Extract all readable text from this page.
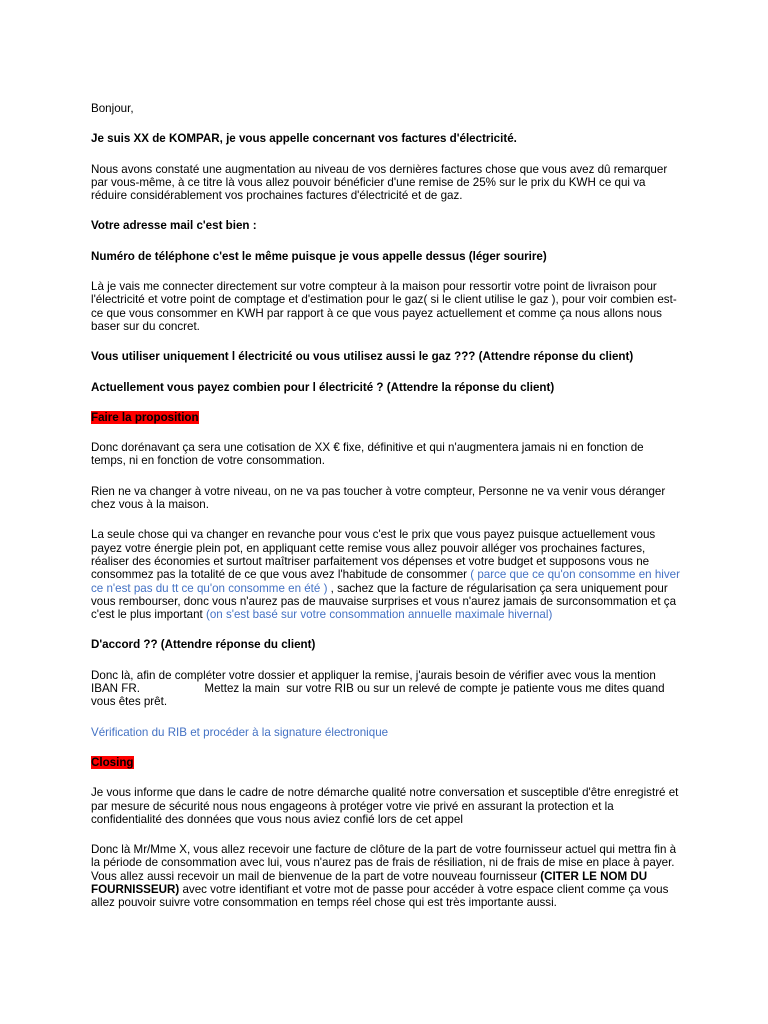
Bonjour,

Je suis XX de KOMPAR, je vous appelle concernant vos factures d'électricité.

Nous avons constaté une augmentation au niveau de vos dernières factures chose que vous avez dû remarquer par vous-même, à ce titre là vous allez pouvoir bénéficier d'une remise de 25% sur le prix du KWH ce qui va réduire considérablement vos prochaines factures d'électricité et de gaz.

Votre adresse mail c'est bien :

Numéro de téléphone c'est le même puisque je vous appelle dessus (léger sourire)

Là je vais me connecter directement sur votre compteur à la maison pour ressortir votre point de livraison pour l'électricité et votre point de comptage et d'estimation pour le gaz( si le client utilise le gaz ), pour voir combien est-ce que vous consommer en KWH par rapport à ce que vous payez actuellement et comme ça nous allons nous baser sur du concret.

Vous utiliser uniquement l électricité ou vous utilisez aussi le gaz ??? (Attendre réponse du client)

Actuellement vous payez combien pour l électricité ? (Attendre la réponse du client)

Faire la proposition

Donc dorénavant ça sera une cotisation de XX € fixe, définitive et qui n'augmentera jamais ni en fonction de temps, ni en fonction de votre consommation.

Rien ne va changer à votre niveau, on ne va pas toucher à votre compteur, Personne ne va venir vous déranger chez vous à la maison.

La seule chose qui va changer en revanche pour vous c'est le prix que vous payez puisque actuellement vous payez votre énergie plein pot, en appliquant cette remise vous allez pouvoir alléger vos prochaines factures, réaliser des économies et surtout maîtriser parfaitement vos dépenses et votre budget et supposons vous ne consommez pas la totalité de ce que vous avez l'habitude de consommer ( parce que ce qu'on consomme en hiver ce n'est pas du tt ce qu'on consomme en été ) , sachez que la facture de régularisation ça sera uniquement pour vous rembourser, donc vous n'aurez pas de mauvaise surprises et vous n'aurez jamais de surconsommation et ça c'est le plus important (on s'est basé sur votre consommation annuelle maximale hivernal)

D'accord ?? (Attendre réponse du client)

Donc là, afin de compléter votre dossier et appliquer la remise, j'aurais besoin de vérifier avec vous la mention IBAN FR.	Mettez la main  sur votre RIB ou sur un relevé de compte je patiente vous me dites quand vous êtes prêt.

Vérification du RIB et procéder à la signature électronique

Closing

Je vous informe que dans le cadre de notre démarche qualité notre conversation et susceptible d'être enregistré et par mesure de sécurité nous nous engageons à protéger votre vie privé en assurant la protection et la confidentialité des données que vous nous aviez confié lors de cet appel

Donc là Mr/Mme X, vous allez recevoir une facture de clôture de la part de votre fournisseur actuel qui mettra fin à la période de consommation avec lui, vous n'aurez pas de frais de résiliation, ni de frais de mise en place à payer. Vous allez aussi recevoir un mail de bienvenue de la part de votre nouveau fournisseur (CITER LE NOM DU FOURNISSEUR) avec votre identifiant et votre mot de passe pour accéder à votre espace client comme ça vous allez pouvoir suivre votre consommation en temps réel chose qui est très importante aussi.
